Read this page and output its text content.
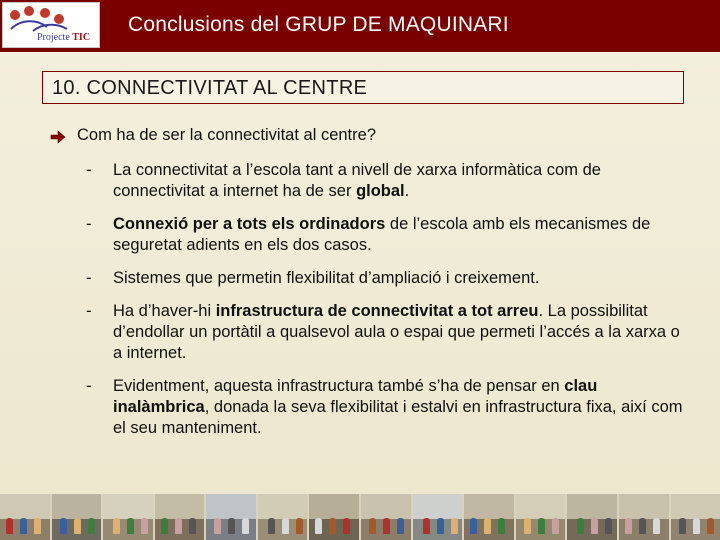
Projecte TIC
Conclusions del GRUP DE MAQUINARI
10. CONNECTIVITAT AL CENTRE
Com ha de ser la connectivitat al centre?
- La connectivitat a l’escola tant a nivell de xarxa informàtica com de connectivitat a internet ha de ser global.
- Connexió per a tots els ordinadors de l’escola amb els mecanismes de seguretat adients en els dos casos.
- Sistemes que permetin flexibilitat d’ampliació i creixement.
- Ha d’haver-hi infrastructura de connectivitat a tot arreu. La possibilitat d’endollar un portàtil a qualsevol aula o espai que permeti l’accés a la xarxa o a internet.
- Evidentment, aquesta infrastructura també s’ha de pensar en clau inalàmbrica, donada la seva flexibilitat i estalvi en infrastructura fixa, així com el seu manteniment.
